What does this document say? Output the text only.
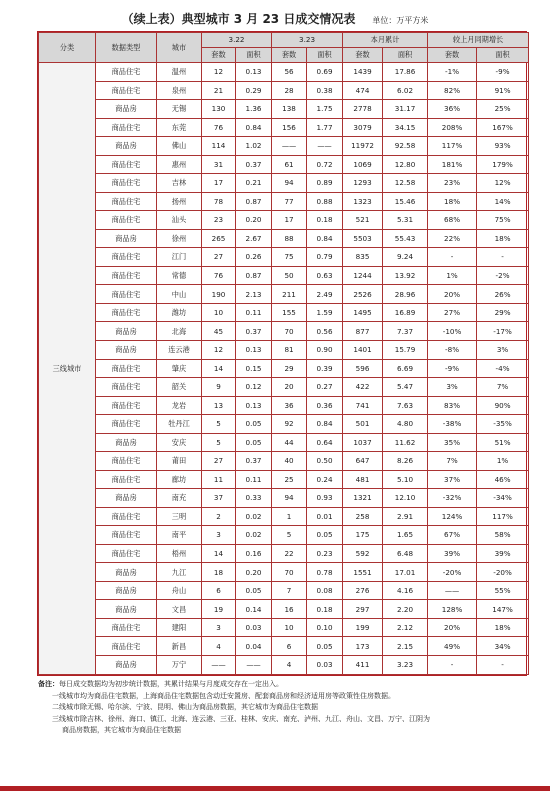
（续上表）典型城市 3 月 23 日成交情况表 单位：万平方米
分类	数据类型	城市	3.22		3.23		本月累计		较上月同期增长	
			套数	面积	套数	面积	套数	面积	套数	面积
三线城市	商品住宅	温州	12	0.13	56	0.69	1439	17.86	-1%	-9%
	商品住宅	泉州	21	0.29	28	0.38	474	6.02	82%	91%
	商品房	无锡	130	1.36	138	1.75	2778	31.17	36%	25%
	商品住宅	东莞	76	0.84	156	1.77	3079	34.15	208%	167%
	商品房	佛山	114	1.02	——	——	11972	92.58	117%	93%
	商品住宅	惠州	31	0.37	61	0.72	1069	12.80	181%	179%
	商品住宅	吉林	17	0.21	94	0.89	1293	12.58	23%	12%
	商品住宅	扬州	78	0.87	77	0.88	1323	15.46	18%	14%
	商品住宅	汕头	23	0.20	17	0.18	521	5.31	68%	75%
	商品房	徐州	265	2.67	88	0.84	5503	55.43	22%	18%
	商品住宅	江门	27	0.26	75	0.79	835	9.24	-	-
	商品住宅	常德	76	0.87	50	0.63	1244	13.92	1%	-2%
	商品住宅	中山	190	2.13	211	2.49	2526	28.96	20%	26%
	商品住宅	潍坊	10	0.11	155	1.59	1495	16.89	27%	29%
	商品房	北海	45	0.37	70	0.56	877	7.37	-10%	-17%
	商品房	连云港	12	0.13	81	0.90	1401	15.79	-8%	3%
	商品住宅	肇庆	14	0.15	29	0.39	596	6.69	-9%	-4%
	商品住宅	韶关	9	0.12	20	0.27	422	5.47	3%	7%
	商品住宅	龙岩	13	0.13	36	0.36	741	7.63	83%	90%
	商品住宅	牡丹江	5	0.05	92	0.84	501	4.80	-38%	-35%
	商品房	安庆	5	0.05	44	0.64	1037	11.62	35%	51%
	商品住宅	莆田	27	0.37	40	0.50	647	8.26	7%	1%
	商品住宅	廊坊	11	0.11	25	0.24	481	5.10	37%	46%
	商品房	南充	37	0.33	94	0.93	1321	12.10	-32%	-34%
	商品住宅	三明	2	0.02	1	0.01	258	2.91	124%	117%
	商品住宅	南平	3	0.02	5	0.05	175	1.65	67%	58%
	商品住宅	梧州	14	0.16	22	0.23	592	6.48	39%	39%
	商品房	九江	18	0.20	70	0.78	1551	17.01	-20%	-20%
	商品房	舟山	6	0.05	7	0.08	276	4.16	——	55%
	商品房	文昌	19	0.14	16	0.18	297	2.20	128%	147%
	商品住宅	建阳	3	0.03	10	0.10	199	2.12	20%	18%
	商品住宅	新昌	4	0.04	6	0.05	173	2.15	49%	34%
	商品房	万宁	——	——	4	0.03	411	3.23	-	-
备注：每日成交数据均为初步统计数据，其累计结果与月度成交存在一定出入。
一线城市均为商品住宅数据，上海商品住宅数据包含动迁安置房、配套商品房和经济适用房等政策性住房数据。
二线城市除无锡、哈尔滨、宁波、昆明、佛山为商品房数据，其它城市为商品住宅数据
三线城市除吉林、徐州、海口、镇江、北海、连云港、三亚、桂林、安庆、南充、泸州、九江、舟山、文昌、万宁、江阴为
商品房数据，其它城市为商品住宅数据
